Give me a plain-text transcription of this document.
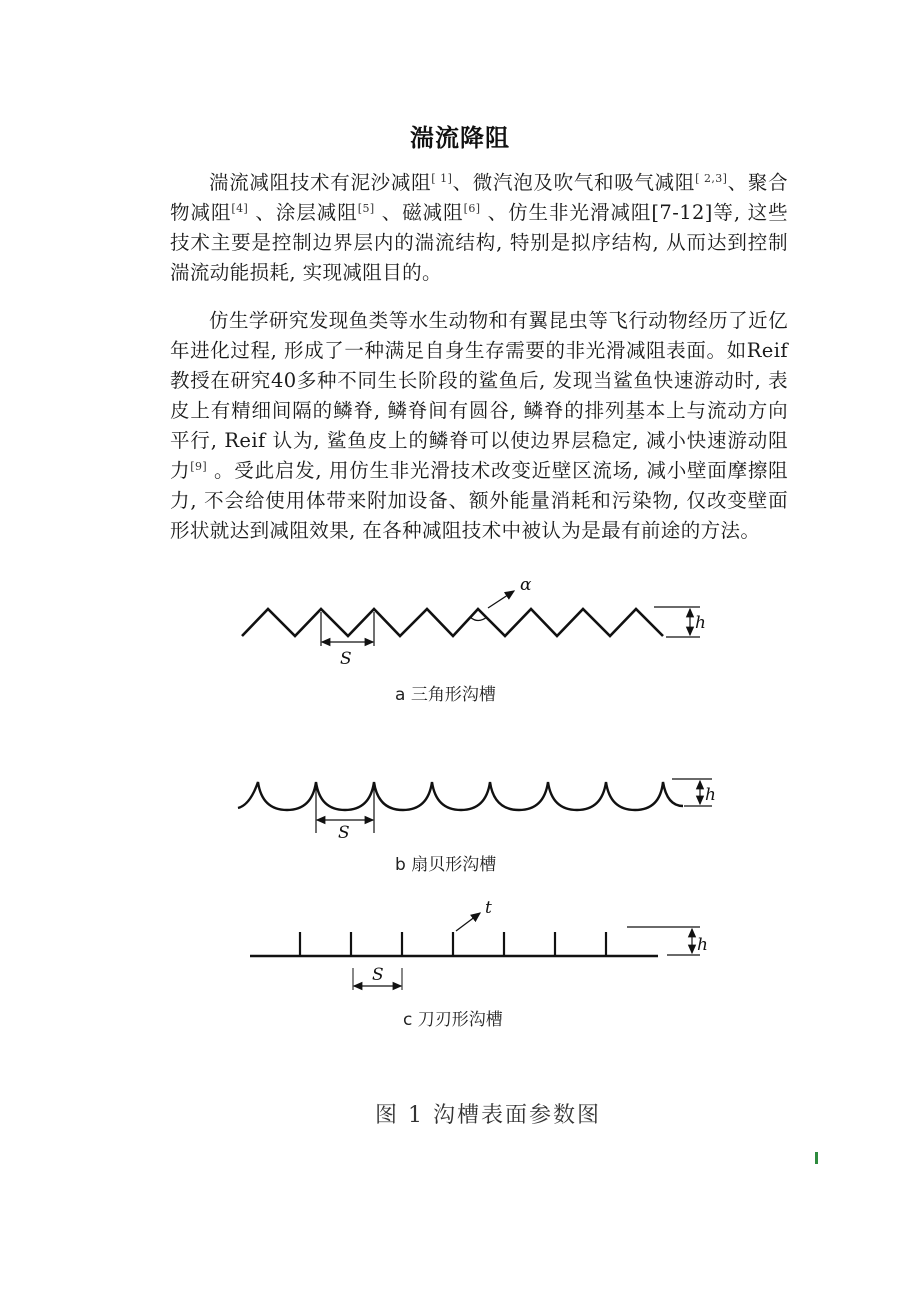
湍流降阻
湍流减阻技术有泥沙减阻[ 1]、微汽泡及吹气和吸气减阻[ 2,3]、聚合物减阻[4] 、涂层减阻[5] 、磁减阻[6] 、仿生非光滑减阻[7-12]等, 这些技术主要是控制边界层内的湍流结构, 特别是拟序结构, 从而达到控制湍流动能损耗, 实现减阻目的。
仿生学研究发现鱼类等水生动物和有翼昆虫等飞行动物经历了近亿年进化过程, 形成了一种满足自身生存需要的非光滑减阻表面。如Reif 教授在研究40多种不同生长阶段的鲨鱼后, 发现当鲨鱼快速游动时, 表皮上有精细间隔的鳞脊, 鳞脊间有圆谷, 鳞脊的排列基本上与流动方向平行, Reif 认为, 鲨鱼皮上的鳞脊可以使边界层稳定, 减小快速游动阻力[9] 。受此启发, 用仿生非光滑技术改变近壁区流场, 减小壁面摩擦阻力, 不会给使用体带来附加设备、额外能量消耗和污染物, 仅改变壁面形状就达到减阻效果, 在各种减阻技术中被认为是最有前途的方法。
S
α
h
S
h
S
t
h
a 三角形沟槽
b 扇贝形沟槽
c 刀刃形沟槽
图 1 沟槽表面参数图
